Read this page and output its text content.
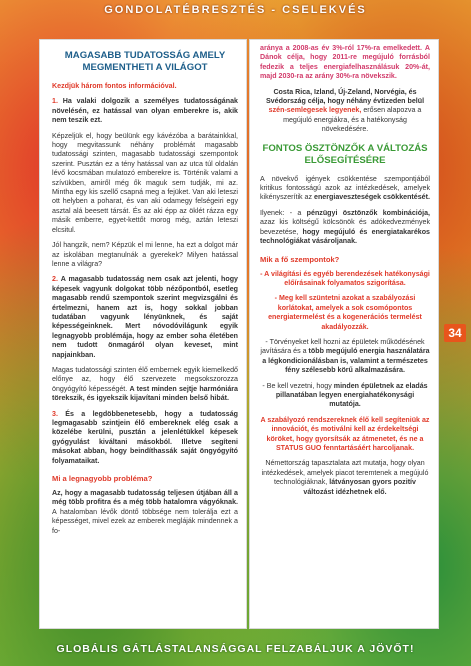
GONDOLATÉBRESZTÉS - CSELEKVÉS
MAGASABB TUDATOSSÁG AMELY MEGMENTHETI A VILÁGOT

Kezdjük három fontos információval.

1. Ha valaki dolgozik a személyes tudatosságának növelésén, ez hatással van olyan emberekre is, akik nem teszik ezt.

Képzeljük el, hogy beülünk egy kávézóba a barátainkkal, hogy megvitassunk néhány problémát magasabb tudatossági szinten, magasabb tudatossági szempontok szerint. Pusztán ez a tény hatással van az utca túl oldalán lévő kocsmában mulatozó emberekre is. Történik valami a szívükben, amiről még ők maguk sem tudják, mi az. Mintha egy kis szellő csapná meg a fejüket. Van aki leteszi ott helyben a poharat, és van aki odamegy felségeiri egy asztal alá beesett társát. És az aki épp az öklét rázza egy másik emberre, egyet-kettőt morog még, aztán leteszi elcsitul.

Jól hangzik, nem? Képzük el mi lenne, ha ezt a dolgot már az iskolában megtanulnák a gyerekek? Milyen hatással lenne a világra?

2. A magasabb tudatosság nem csak azt jelenti, hogy képesek vagyunk dolgokat több nézőpontból, esetleg magasabb rendű szempontok szerint megvizsgálni és értelmezni, hanem azt is, hogy sokkal jobban tudatában vagyunk lényünknek, és saját képességeinknek. Mert nóvodóvilágunk egyik legnagyobb problémája, hogy az ember soha életében nem tudott önmagáról olyan keveset, mint napjainkban.

Magas tudatossági szinten élő embernek egyik kiemelkedő előnye az, hogy élő szervezete megsokszorozza öngyógyító képességét. A test minden sejtje harmóniára törekszik, és igyekszik kijavítani minden belső hibát.

3. És a legdöbbenetesebb, hogy a tudatosság legmagasabb szintjein élő embereknek elég csak a közelébe kerülni, pusztán a jelenlétükkel képesek gyógyulást kiváltani másokból. Illetve segíteni másokat abban, hogy beindíthassák saját öngyógyító folyamataikat.

Mi a legnagyobb probléma?

Az, hogy a magasabb tudatosság teljesen útjában áll a még több profitra és a még több hatalomra vágyóknak. A hatalomban lévők döntő többsége nem tolerálja ezt a képességet, mivel ezek az emberek megláják mindennek a fo-

aránya a 2008-as év 3%-ról 17%-ra emelkedett. A Dánok célja, hogy 2011-re megújuló forrásból fedezik a teljes energiafelhasználásuk 20%-át, majd 2030-ra az arány 30%-ra növekszik.

Costa Rica, Izland, Új-Zeland, Norvégia, és Svédország célja, hogy néhány évtizeden belül szén-semlegesek legyenek, erősen alapozva a megújuló energiákra, és a hatékonyság növekedésére.

FONTOS ÖSZTÖNZŐK A VÁLTOZÁS ELŐSEGÍTÉSÉRE

A növekvő igények csökkentése szempontjából kritikus fontosságú azok az intézkedések, amelyek kikényszerítik az energiaveszteségek csökkentését.

Ilyenek: - a pénzügyi ösztönzők kombinációja, azaz kis költségű kölcsönök és adókedvezmények bevezetése, hogy megújuló és energiatakarékos technológiákat vásároljanak.

Mik a fő szempontok?

- A világítási és egyéb berendezések hatékonysági előírásainak folyamatos szigorítása.

- Meg kell szüntetni azokat a szabályozási korlátokat, amelyek a sok csomópontos energiatermelést és a kogenerációs termelést akadályozzák.

- Törvényeket kell hozni az épületek működésének javítására és a több megújuló energia használatára a légkondicionálásban is, valamint a természetes fény szélesebb körű alkalmazására.

- Be kell vezetni, hogy minden épületnek az eladás pillanatában legyen energiahatékonysági mutatója.

A szabályozó rendszereknek élő kell segíteniük az innovációt, és motiválni kell az érdekeltségi köröket, hogy gyorsítsák az átmenetet, és ne a STATUS GUO fenntartásáért harcoljanak.

Némettország tapasztalata azt mutatja, hogy olyan intézkedések, amelyek piacot teremtenek a megújuló technológiáknak, látványosan gyors pozitív változást idézhetnek elő.

34
GLOBÁLIS GÁTLÁSTALANSÁGGAL FELZABÁLJUK A JÖVŐT!
